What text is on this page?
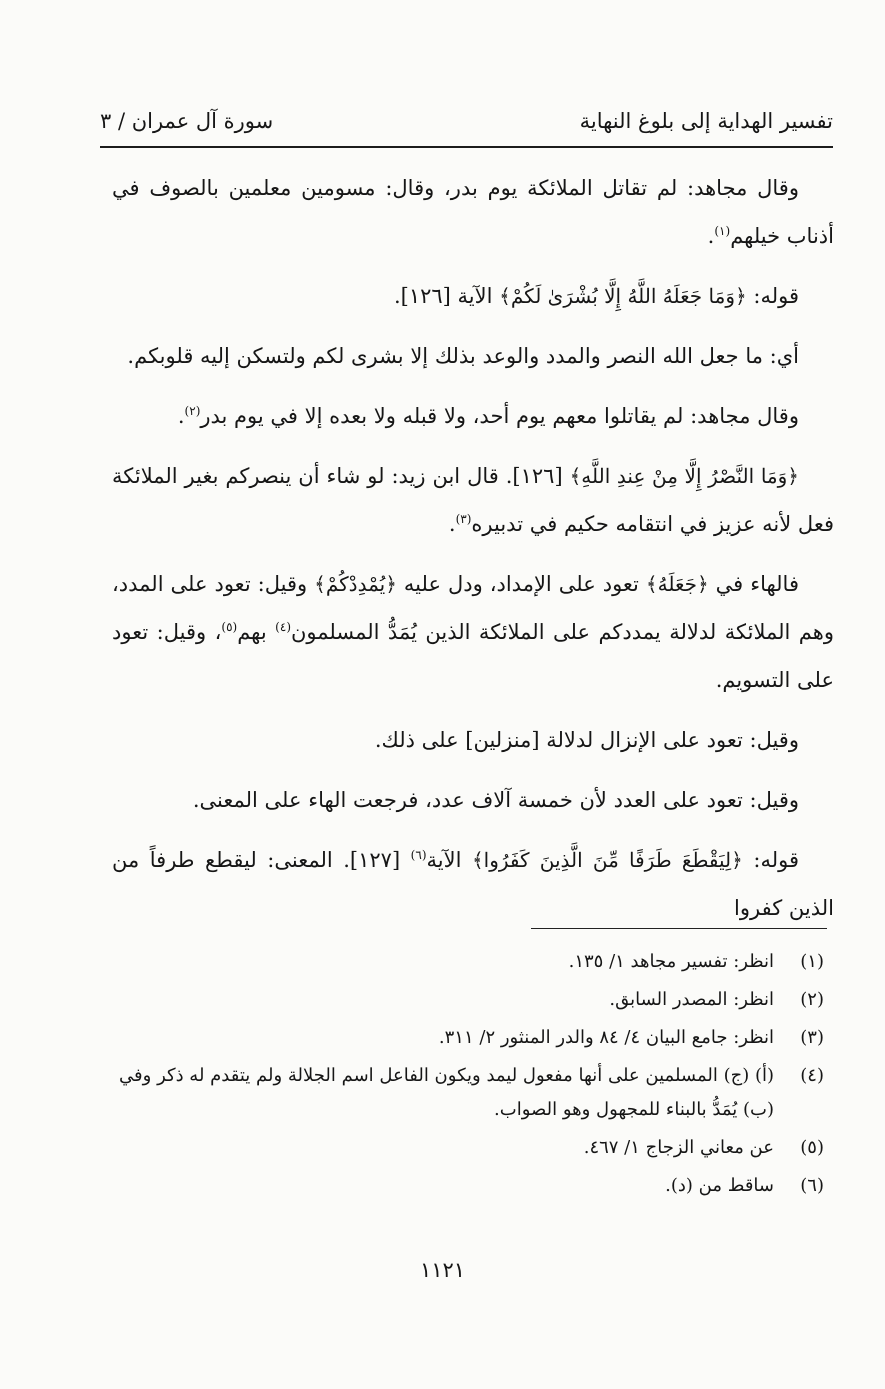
تفسير الهداية إلى بلوغ النهاية
سورة آل عمران / ٣

وقال مجاهد: لم تقاتل الملائكة يوم بدر، وقال: مسومين معلمين بالصوف في أذناب خيلهم$^{(١)}$.

قوله: ﴿وَمَا جَعَلَهُ اللَّهُ إِلَّا بُشْرَىٰ لَكُمْ﴾ الآية [١٢٦].

أي: ما جعل الله النصر والمدد والوعد بذلك إلا بشرى لكم ولتسكن إليه قلوبكم.

وقال مجاهد: لم يقاتلوا معهم يوم أحد، ولا قبله ولا بعده إلا في يوم بدر$^{(٢)}$.

﴿وَمَا النَّصْرُ إِلَّا مِنْ عِندِ اللَّهِ﴾ [١٢٦]. قال ابن زيد: لو شاء أن ينصركم بغير الملائكة فعل لأنه عزيز في انتقامه حكيم في تدبيره$^{(٣)}$.

فالهاء في ﴿جَعَلَهُ﴾ تعود على الإمداد، ودل عليه ﴿يُمْدِدْكُمْ﴾ وقيل: تعود على المدد، وهم الملائكة لدلالة يمددكم على الملائكة الذين يُمَدُّ المسلمون$^{(٤)}$ بهم$^{(٥)}$، وقيل: تعود على التسويم.

وقيل: تعود على الإنزال لدلالة [منزلين] على ذلك.

وقيل: تعود على العدد لأن خمسة آلاف عدد، فرجعت الهاء على المعنى.

قوله: ﴿لِيَقْطَعَ طَرَفًا مِّنَ الَّذِينَ كَفَرُوا﴾ الآية$^{(٦)}$ [١٢٧]. المعنى: ليقطع طرفاً من الذين كفروا

(١)
انظر: تفسير مجاهد ١/ ١٣٥.
(٢)
انظر: المصدر السابق.
(٣)
انظر: جامع البيان ٤/ ٨٤ والدر المنثور ٢/ ٣١١.
(٤)
(أ) (ج) المسلمين على أنها مفعول ليمد ويكون الفاعل اسم الجلالة ولم يتقدم له ذكر وفي (ب) يُمَدُّ بالبناء للمجهول وهو الصواب.
(٥)
عن معاني الزجاج ١/ ٤٦٧.
(٦)
ساقط من (د).
١١٢١
